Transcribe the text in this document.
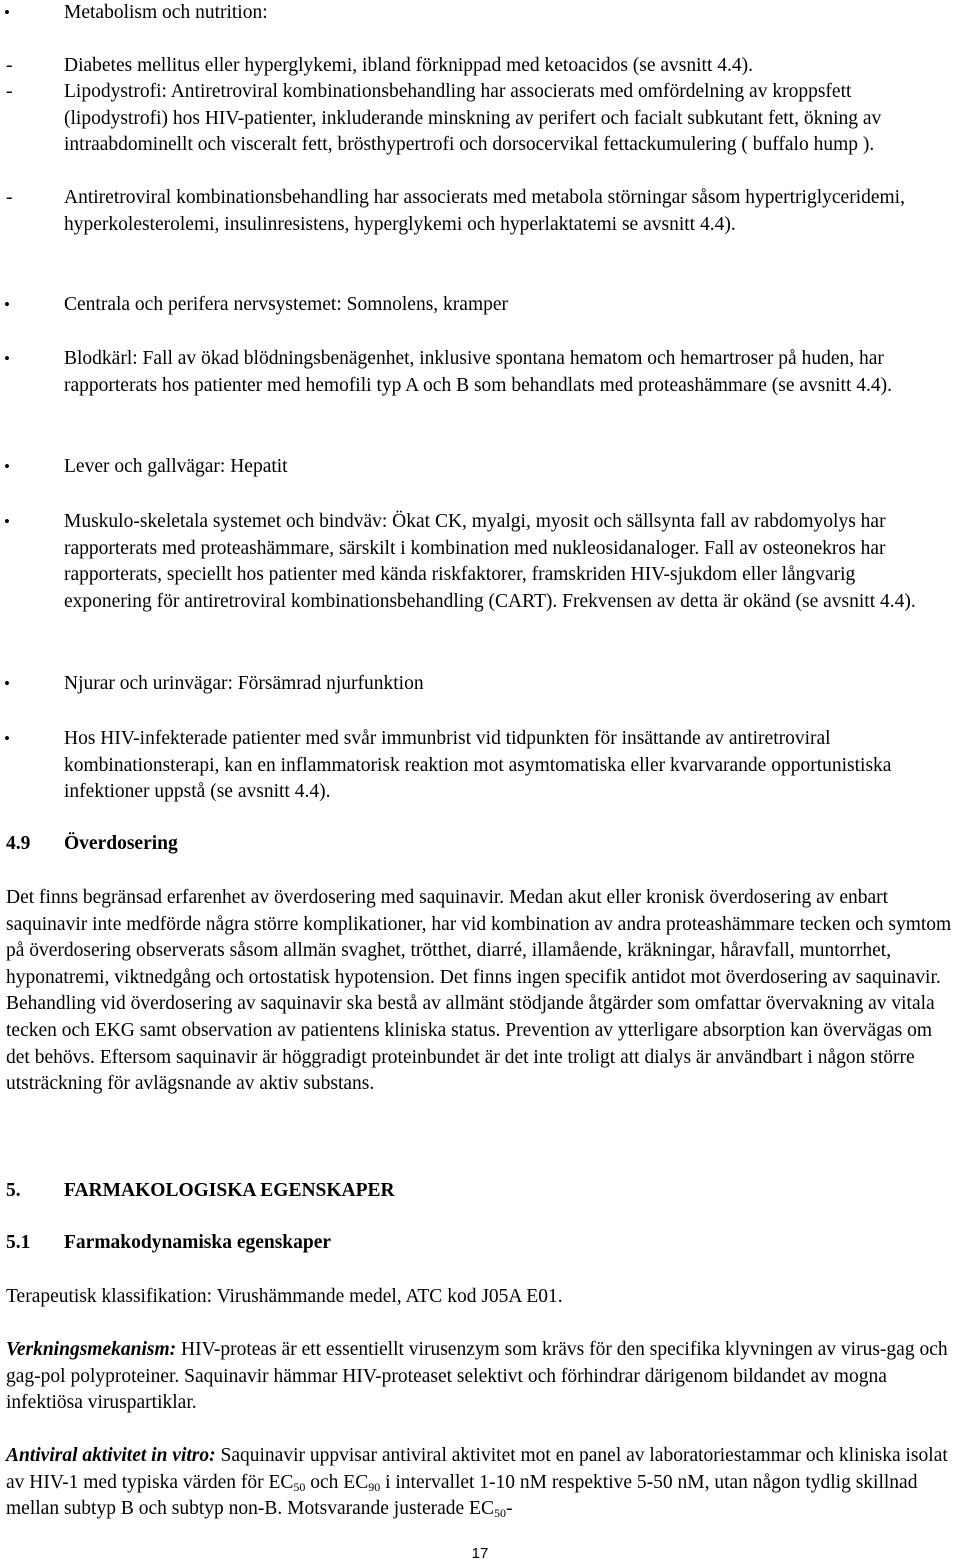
•	Metabolism och nutrition:
-	Diabetes mellitus eller hyperglykemi, ibland förknippad med ketoacidos (se avsnitt 4.4).
-	Lipodystrofi: Antiretroviral kombinationsbehandling har associerats med omfördelning av kroppsfett (lipodystrofi) hos HIV-patienter, inkluderande minskning av perifert och facialt subkutant fett, ökning av intraabdominellt och visceralt fett, brösthypertrofi och dorsocervikal fettackumulering ( buffalo hump ).
-	Antiretroviral kombinationsbehandling har associerats med metabola störningar såsom hypertriglyceridemi, hyperkolesterolemi, insulinresistens, hyperglykemi och hyperlaktatemi se avsnitt 4.4).
•	Centrala och perifera nervsystemet: Somnolens, kramper
•	Blodkärl: Fall av ökad blödningsbenägenhet, inklusive spontana hematom och hemartroser på huden, har rapporterats hos patienter med hemofili typ A och B som behandlats med proteashämmare (se avsnitt 4.4).
•	Lever och gallvägar: Hepatit
•	Muskulo-skeletala systemet och bindväv: Ökat CK, myalgi, myosit och sällsynta fall av rabdomyolys har rapporterats med proteashämmare, särskilt i kombination med nukleosidanaloger. Fall av osteonekros har rapporterats, speciellt hos patienter med kända riskfaktorer, framskriden HIV-sjukdom eller långvarig exponering för antiretroviral kombinationsbehandling (CART). Frekvensen av detta är okänd (se avsnitt 4.4).
•	Njurar och urinvägar: Försämrad njurfunktion
•	Hos HIV-infekterade patienter med svår immunbrist vid tidpunkten för insättande av antiretroviral kombinationsterapi, kan en inflammatorisk reaktion mot asymtomatiska eller kvarvarande opportunistiska infektioner uppstå (se avsnitt 4.4).
4.9 Överdosering
Det finns begränsad erfarenhet av överdosering med saquinavir. Medan akut eller kronisk överdosering av enbart saquinavir inte medförde några större komplikationer, har vid kombination av andra proteashämmare tecken och symtom på överdosering observerats såsom allmän svaghet, trötthet, diarré, illamående, kräkningar, håravfall, muntorrhet, hyponatremi, viktnedgång och ortostatisk hypotension. Det finns ingen specifik antidot mot överdosering av saquinavir. Behandling vid överdosering av saquinavir ska bestå av allmänt stödjande åtgärder som omfattar övervakning av vitala tecken och EKG samt observation av patientens kliniska status. Prevention av ytterligare absorption kan övervägas om det behövs. Eftersom saquinavir är höggradigt proteinbundet är det inte troligt att dialys är användbart i någon större utsträckning för avlägsnande av aktiv substans.
5. FARMAKOLOGISKA EGENSKAPER
5.1 Farmakodynamiska egenskaper
Terapeutisk klassifikation: Virushämmande medel, ATC kod J05A E01.
Verkningsmekanism: HIV-proteas är ett essentiellt virusenzym som krävs för den specifika klyvningen av virus-gag och gag-pol polyproteiner. Saquinavir hämmar HIV-proteaset selektivt och förhindrar därigenom bildandet av mogna infektiösa viruspartiklar.
Antiviral aktivitet in vitro: Saquinavir uppvisar antiviral aktivitet mot en panel av laboratoriestammar och kliniska isolat av HIV-1 med typiska värden för $EC_{50}$ och $EC_{90}$ i intervallet 1-10 nM respektive 5-50 nM, utan någon tydlig skillnad mellan subtyp B och subtyp non-B. Motsvarande justerade $EC_{50}-$
17
